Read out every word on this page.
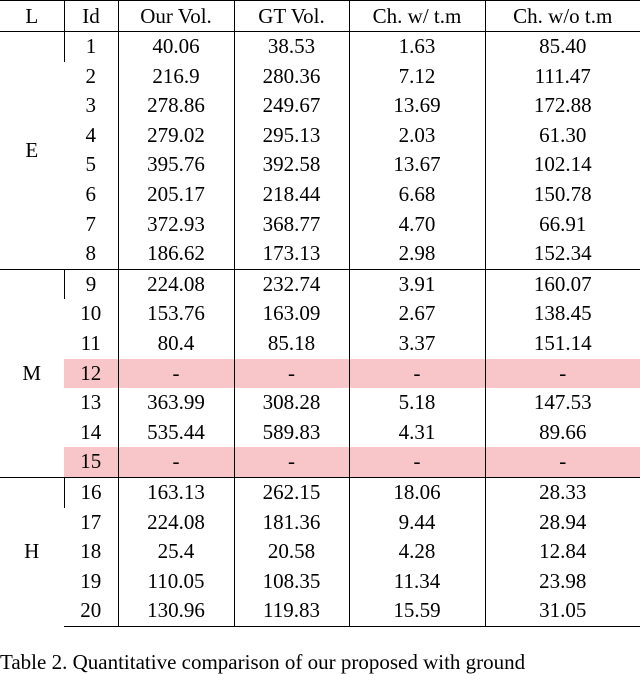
L	Id	Our Vol.	GT Vol.	Ch. w/ t.m	Ch. w/o t.m
E	1	40.06	38.53	1.63	85.40
	2	216.9	280.36	7.12	111.47
	3	278.86	249.67	13.69	172.88
	4	279.02	295.13	2.03	61.30
	5	395.76	392.58	13.67	102.14
	6	205.17	218.44	6.68	150.78
	7	372.93	368.77	4.70	66.91
	8	186.62	173.13	2.98	152.34
M	9	224.08	232.74	3.91	160.07
	10	153.76	163.09	2.67	138.45
	11	80.4	85.18	3.37	151.14
	12	-	-	-	-
	13	363.99	308.28	5.18	147.53
	14	535.44	589.83	4.31	89.66
	15	-	-	-	-
H	16	163.13	262.15	18.06	28.33
	17	224.08	181.36	9.44	28.94
	18	25.4	20.58	4.28	12.84
	19	110.05	108.35	11.34	23.98
	20	130.96	119.83	15.59	31.05
Table 2. Quantitative comparison of our proposed with ground
